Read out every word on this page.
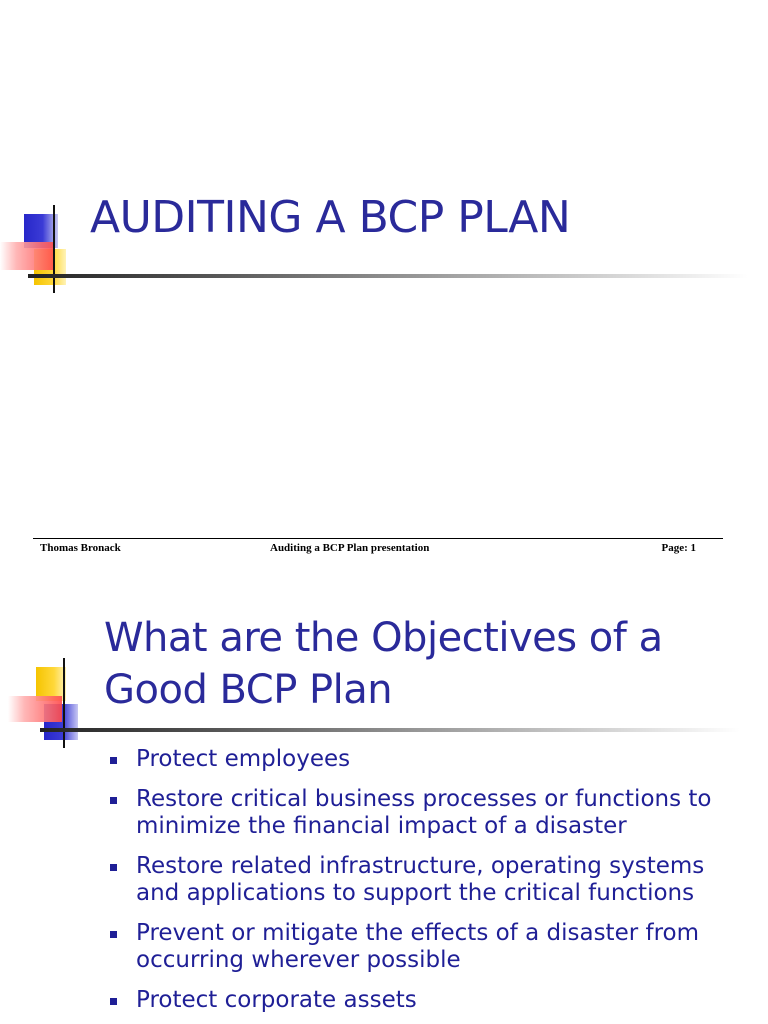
AUDITING A BCP PLAN
Thomas Bronack	Auditing a BCP Plan presentation	Page: 1
What are the Objectives of a
Good BCP Plan
Protect employees
Restore critical business processes or functions to minimize the financial impact of a disaster
Restore related infrastructure, operating systems and applications to support the critical functions
Prevent or mitigate the effects of a disaster from occurring wherever possible
Protect corporate assets
